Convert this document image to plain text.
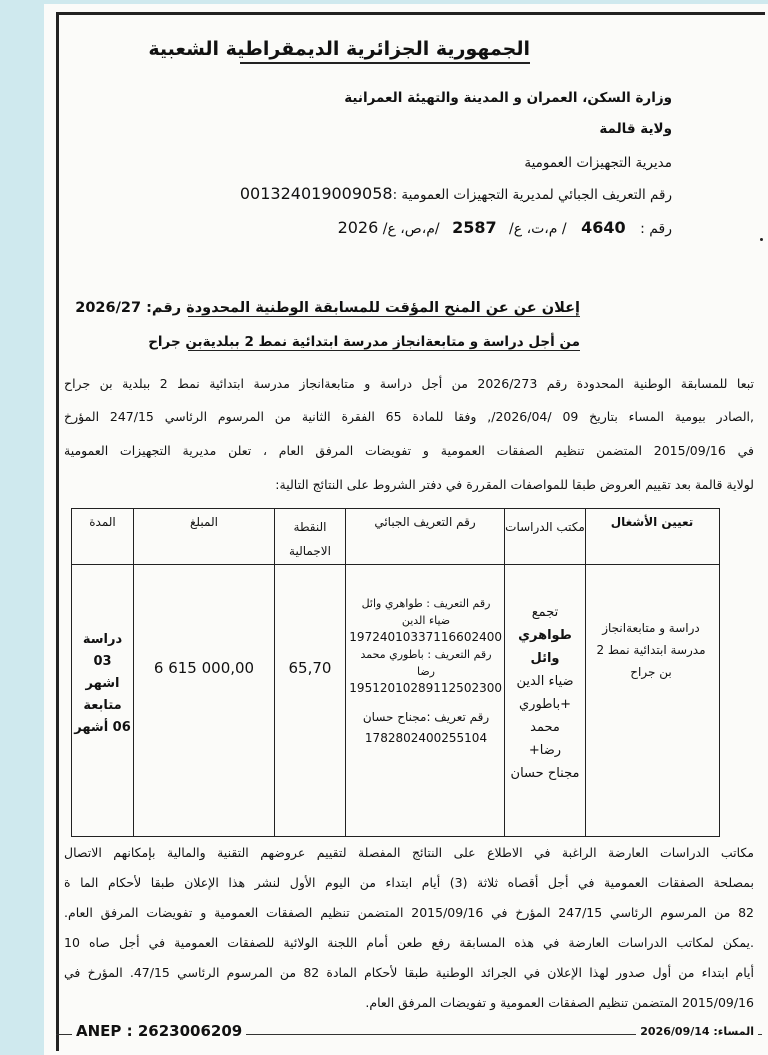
الجمهورية الجزائرية الديمقراطية الشعبية
وزارة السكن، العمران و المدينة والتهيئة العمرانية
ولاية قالمة
مديرية التجهيزات العمومية
رقم التعريف الجبائي لمديرية التجهيزات العمومية :001324019009058
رقم : 4640 / م،ت، ع/ 2587 /م،ص، ع/ 2026
إعلان عن عن المنح المؤقت للمسابقة الوطنية المحدودة رقم: 2026/27
من أجل دراسة و متابعةانجاز مدرسة ابتدائية نمط 2 ببلديةبن جراح
تبعا للمسابقة الوطنية المحدودة رقم 2026/273 من أجل دراسة و متابعةانجاز مدرسة ابتدائية نمط 2 ببلدية بن جراح
,الصادر بيومية المساء بتاريخ 09 /2026/04/, وفقا للمادة 65 الفقرة الثانية من المرسوم الرئاسي 247/15 المؤرخ
في 2015/09/16 المتضمن تنظيم الصفقات العمومية و تفويضات المرفق العام ، تعلن مديرية التجهيزات العمومية
لولاية قالمة بعد تقييم العروض طبقا للمواصفات المقررة في دفتر الشروط على النتائج التالية:
تعيين الأشغال
مكتب الدراسات
رقم التعريف الجبائي
النقطة الاجمالية
المبلغ
المدة
دراسة و متابعةانجاز مدرسة ابتدائية نمط 2 بن جراح
تجمع
طواهري وائل
ضياء الدين
+باطوري محمد
رضا+
مجناح حسان
رقم التعريف : طواهري وائل
ضياء الدين
19724010337116602400
رقم التعريف : باطوري محمد رضا
19512010289112502300
رقم تعريف :مجناح حسان
1782802400255104
65,70
6 615 000,00
دراسة
03
اشهر
متابعة
06 أشهر
مكاتب الدراسات العارضة الراغبة في الاطلاع على النتائج المفصلة لتقييم عروضهم التقنية والمالية بإمكانهم الاتصال
بمصلحة الصفقات العمومية في أجل أقصاه ثلاثة (3) أيام ابتداء من اليوم الأول لنشر هذا الإعلان طبقا لأحكام الما ة
82 من المرسوم الرئاسي 247/15 المؤرخ في 2015/09/16 المتضمن تنظيم الصفقات العمومية و تفويضات المرفق العام.
.يمكن لمكاتب الدراسات العارضة في هذه المسابقة رفع طعن أمام اللجنة الولائية للصفقات العمومية في أجل صاه 10
أيام ابتداء من أول صدور لهذا الإعلان في الجرائد الوطنية طبقا لأحكام المادة 82 من المرسوم الرئاسي 47/15. المؤرخ في
2015/09/16 المتضمن تنظيم الصفقات العمومية و تفويضات المرفق العام.
ANEP : 2623006209	المساء: 2026/09/14
